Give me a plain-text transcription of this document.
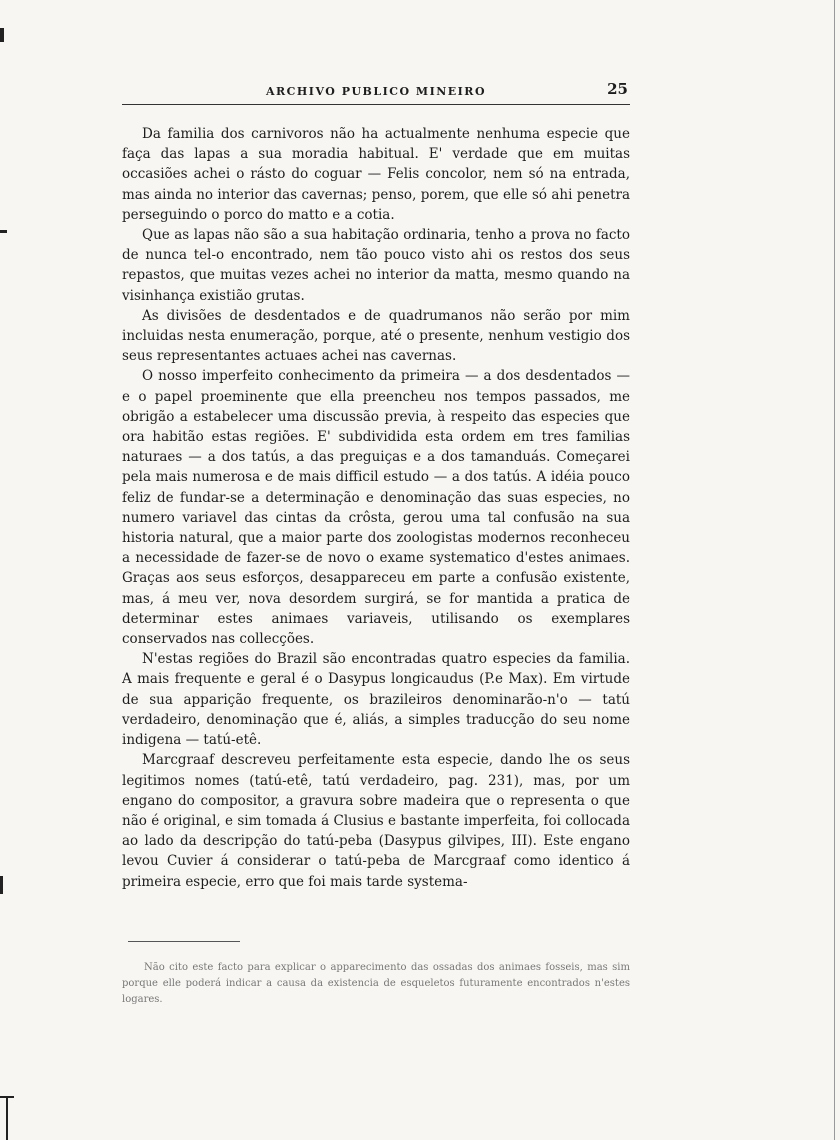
ARCHIVO PUBLICO MINEIRO	25

Da familia dos carnivoros não ha actualmente nenhuma especie que faça das lapas a sua moradia habitual. E' verdade que em muitas occasiões achei o rásto do coguar — Felis concolor, nem só na entrada, mas ainda no interior das cavernas; penso, porem, que elle só ahi penetra perseguindo o porco do matto e a cotia.

Que as lapas não são a sua habitação ordinaria, tenho a prova no facto de nunca tel-o encontrado, nem tão pouco visto ahi os restos dos seus repastos, que muitas vezes achei no interior da matta, mesmo quando na visinhança existião grutas.

As divisões de desdentados e de quadrumanos não serão por mim incluidas nesta enumeração, porque, até o presente, nenhum vestigio dos seus representantes actuaes achei nas cavernas.

O nosso imperfeito conhecimento da primeira — a dos desdentados — e o papel proeminente que ella preencheu nos tempos passados, me obrigão a estabelecer uma discussão previa, à respeito das especies que ora habitão estas regiões. E' subdividida esta ordem em tres familias naturaes — a dos tatús, a das preguiças e a dos tamanduás. Começarei pela mais numerosa e de mais difficil estudo — a dos tatús. A idéia pouco feliz de fundar-se a determinação e denominação das suas especies, no numero variavel das cintas da crôsta, gerou uma tal confusão na sua historia natural, que a maior parte dos zoologistas modernos reconheceu a necessidade de fazer-se de novo o exame systematico d'estes animaes. Graças aos seus esforços, desappareceu em parte a confusão existente, mas, á meu ver, nova desordem surgirá, se for mantida a pratica de determinar estes animaes variaveis, utilisando os exemplares conservados nas collecções.

N'estas regiões do Brazil são encontradas quatro especies da familia. A mais frequente e geral é o Dasypus longicaudus (P.e Max). Em virtude de sua apparição frequente, os brazileiros denominarão-n'o — tatú verdadeiro, denominação que é, aliás, a simples traducção do seu nome indigena — tatú-etê.

Marcgraaf descreveu perfeitamente esta especie, dando lhe os seus legitimos nomes (tatú-etê, tatú verdadeiro, pag. 231), mas, por um engano do compositor, a gravura sobre madeira que o representa o que não é original, e sim tomada á Clusius e bastante imperfeita, foi collocada ao lado da descripção do tatú-peba (Dasypus gilvipes, III). Este engano levou Cuvier á considerar o tatú-peba de Marcgraaf como identico á primeira especie, erro que foi mais tarde systema-

Não cito este facto para explicar o apparecimento das ossadas dos animaes fosseis, mas sim porque elle poderá indicar a causa da existencia de esqueletos futuramente encontrados n'estes logares.
